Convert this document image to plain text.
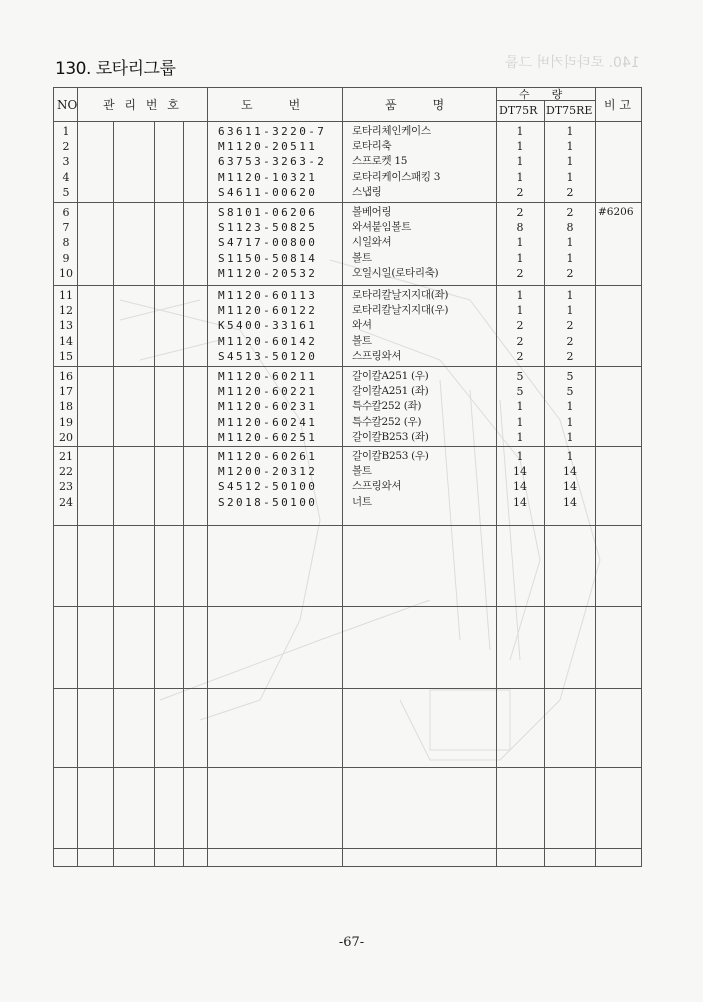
140. 로타리커버 그룹
130. 로타리그룹
NO 관 리 번 호	도　　　번	품　　　명
수　　량
DT75R DT75RE 비 고
1	63611-3220-7 로타리체인케이스	1	1
2	M1120-20511	로타리축	1	1
3	63753-3263-2 스프로켓 15	1	1
4	M1120-10321	로타리케이스패킹 3	1	1
5	S4611-00620	스냅링	2	2
6	S8101-06206	볼베어링	2	2	#6206
7	S1123-50825	와셔붙임볼트	8	8
8	S4717-00800	시일와셔	1	1
9	S1150-50814	볼트	1	1
10	M1120-20532	오일시일(로타리축)	2	2
11	M1120-60113	로타리칼날지지대(좌)	1	1
12	M1120-60122	로타리칼날지지대(우)	1	1
13	K5400-33161	와셔	2	2
14	M1120-60142	볼트	2	2
15	S4513-50120	스프링와셔	2	2
16	M1120-60211	갈이칼A251 (우)	5	5
17	M1120-60221	갈이칼A251 (좌)	5	5
18	M1120-60231	특수칼252 (좌)	1	1
19	M1120-60241	특수칼252 (우)	1	1
20	M1120-60251	갈이칼B253 (좌)	1	1
21	M1120-60261	갈이칼B253 (우)	1	1
22	M1200-20312	볼트	14	14
23	S4512-50100	스프링와셔	14	14
24	S2018-50100	너트	14	14
-67-
